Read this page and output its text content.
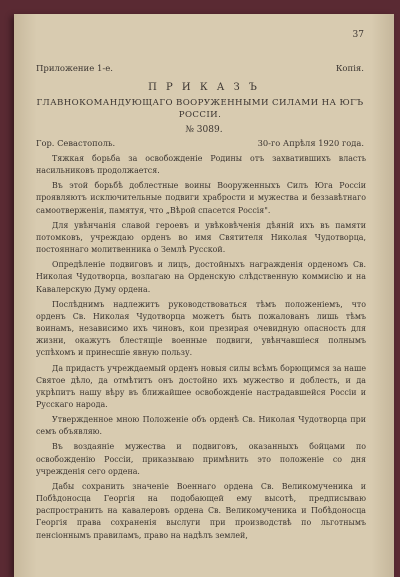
37
Приложение 1-е.	Копія.
П Р И К А З Ъ
ГЛАВНОКОМАНДУЮЩАГО ВООРУЖЕННЫМИ СИЛАМИ НА ЮГЪ РОССІИ.
№ 3089.
Гор. Севастополь.	30-го Апрѣля 1920 года.

Тяжкая борьба за освобожденіе Родины отъ захватившихъ власть насильниковъ продолжается.

Въ этой борьбѣ доблестные воины Вооруженныхъ Силъ Юга Россіи проявляютъ исключительные подвиги храбрости и мужества и беззавѣтнаго самоотверженія, памятуя, что „Вѣрой спасется Россія".

Для увѣнчанія славой героевъ и увѣковѣченія дѣяній ихъ въ памяти потомковъ, учреждаю орденъ во имя Святителя Николая Чудотворца, постояннаго молитвенника о Землѣ Русской.

Опредѣленіе подвиговъ и лицъ, достойныхъ награжденія орденомъ Св. Николая Чудотворца, возлагаю на Орденскую слѣдственную коммисію и на Кавалерскую Думу ордена.

Послѣднимъ надлежитъ руководствоваться тѣмъ положеніемъ, что орденъ Св. Николая Чудотворца можетъ быть пожалованъ лишь тѣмъ воинамъ, независимо ихъ чиновъ, кои презирая очевидную опасность для жизни, окажутъ блестящіе военные подвиги, увѣнчавшіеся полнымъ успѣхомъ и принесшіе явную пользу.

Да придастъ учреждаемый орденъ новыя силы всѣмъ борющимся за наше Святое дѣло, да отмѣтитъ онъ достойно ихъ мужество и доблесть, и да укрѣпитъ нашу вѣру въ ближайшее освобожденіе настрадавшейся Россіи и Русскаго народа.

Утвержденное мною Положеніе объ орденѣ Св. Николая Чудотворца при семъ объявляю.

Въ воздаяніе мужества и подвиговъ, оказанныхъ бойцами по освобожденію Россіи, приказываю примѣнить это положеніе со дня учрежденія сего ордена.

Дабы сохранить значеніе Военнаго ордена Св. Великомученика и Побѣдоносца Георгія на подобающей ему высотѣ, предписываю распространить на кавалеровъ ордена Св. Великомученика и Побѣдоносца Георгія права сохраненія выслуги при производствѣ по льготнымъ пенсіоннымъ правиламъ, право на надѣлъ землей,
